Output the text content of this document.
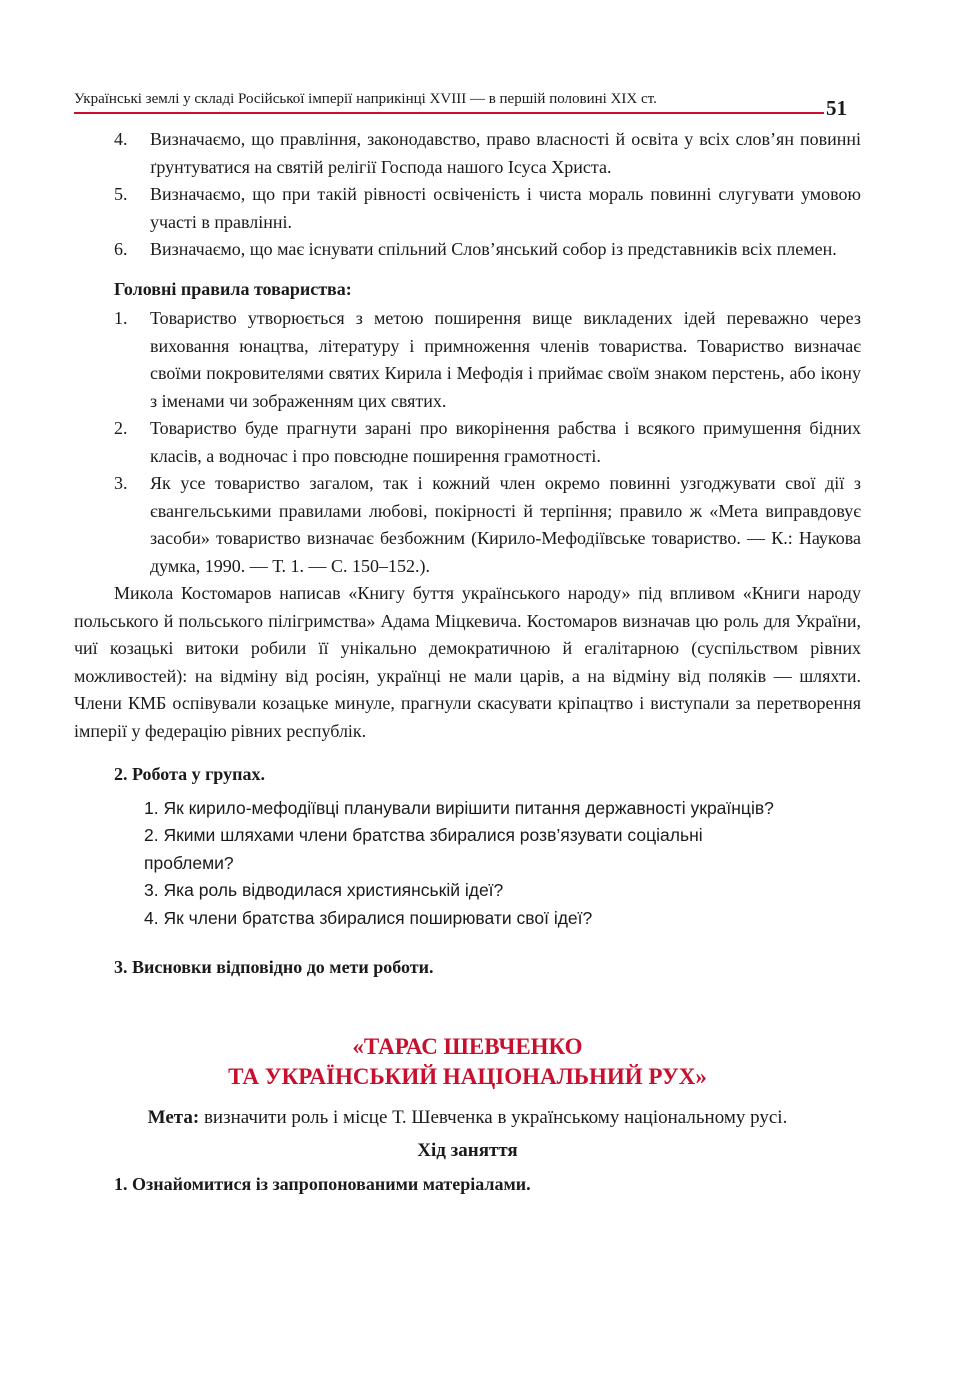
Українські землі у складі Російської імперії наприкінці XVIII — в першій половині XIX ст.	51
4. Визначаємо, що правління, законодавство, право власності й освіта у всіх слов’ян повинні ґрунтуватися на святій релігії Господа нашого Ісуса Христа.
5. Визначаємо, що при такій рівності освіченість і чиста мораль повинні слугувати умовою участі в правлінні.
6. Визначаємо, що має існувати спільний Слов’янський собор із представників всіх племен.
Головні правила товариства:
1. Товариство утворюється з метою поширення вище викладених ідей переважно через виховання юнацтва, літературу і примноження членів товариства. Товариство визначає своїми покровителями святих Кирила і Мефодія і приймає своїм знаком перстень, або ікону з іменами чи зображенням цих святих.
2. Товариство буде прагнути зарані про викорінення рабства і всякого примушення бідних класів, а водночас і про повсюдне поширення грамотності.
3. Як усе товариство загалом, так і кожний член окремо повинні узгоджувати свої дії з євангельськими правилами любові, покірності й терпіння; правило ж «Мета виправдовує засоби» товариство визначає безбожним (Кирило-Мефодіївське товариство. — К.: Наукова думка, 1990. — Т. 1. — С. 150–152.).

Микола Костомаров написав «Книгу буття українського народу» під впливом «Книги народу польського й польського пілігримства» Адама Міцкевича. Костомаров визначав цю роль для України, чиї козацькі витоки робили її унікально демократичною й егалітарною (суспільством рівних можливостей): на відміну від росіян, українці не мали царів, а на відміну від поляків — шляхти. Члени КМБ оспівували козацьке минуле, прагнули скасувати кріпацтво і виступали за перетворення імперії у федерацію рівних республік.

2. Робота у групах.
1. Як кирило-мефодіївці планували вирішити питання державності українців?
2. Якими шляхами члени братства збиралися розв’язувати соціальні проблеми?
3. Яка роль відводилася християнській ідеї?
4. Як члени братства збиралися поширювати свої ідеї?
3. Висновки відповідно до мети роботи.
«ТАРАС ШЕВЧЕНКО
ТА УКРАЇНСЬКИЙ НАЦІОНАЛЬНИЙ РУХ»
Мета: визначити роль і місце Т. Шевченка в українському національному русі.
Хід заняття
1. Ознайомитися із запропонованими матеріалами.
